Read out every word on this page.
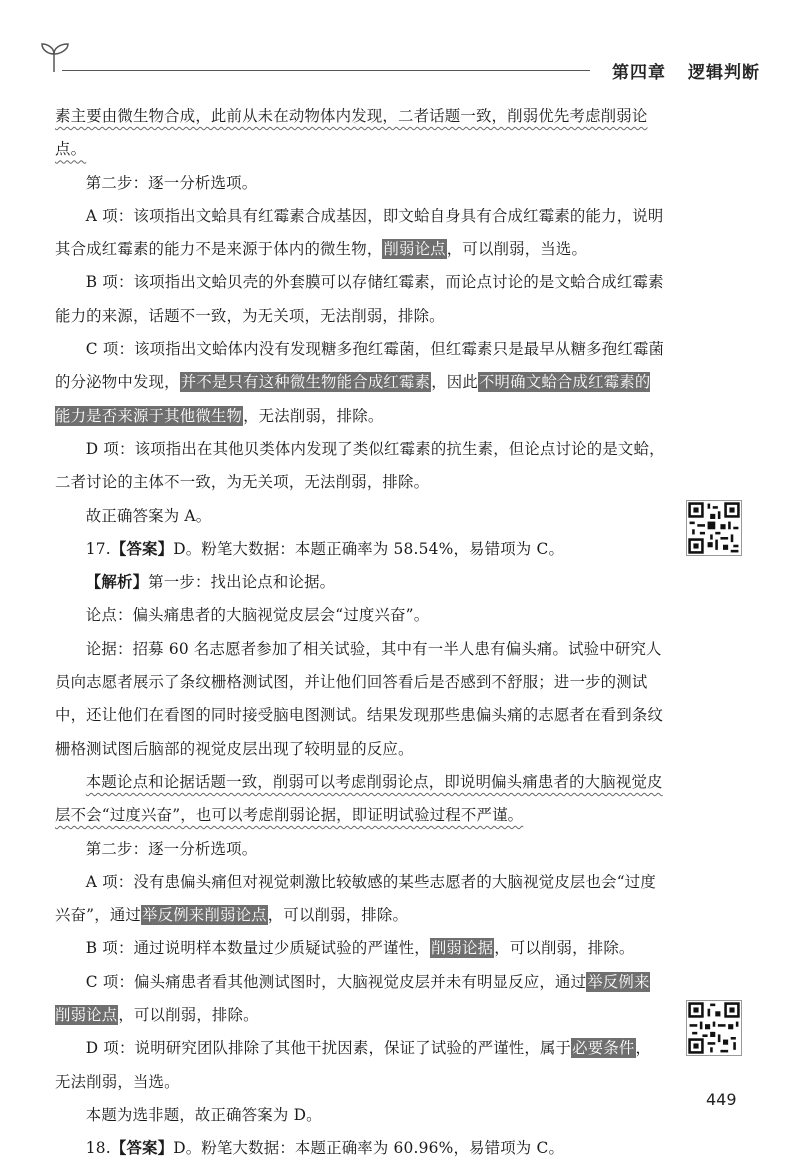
第四章 逻辑判断

素主要由微生物合成，此前从未在动物体内发现，二者话题一致，削弱优先考虑削弱论点。

第二步：逐一分析选项。

A 项：该项指出文蛤具有红霉素合成基因，即文蛤自身具有合成红霉素的能力，说明其合成红霉素的能力不是来源于体内的微生物，削弱论点，可以削弱，当选。

B 项：该项指出文蛤贝壳的外套膜可以存储红霉素，而论点讨论的是文蛤合成红霉素能力的来源，话题不一致，为无关项，无法削弱，排除。

C 项：该项指出文蛤体内没有发现糖多孢红霉菌，但红霉素只是最早从糖多孢红霉菌的分泌物中发现，并不是只有这种微生物能合成红霉素，因此不明确文蛤合成红霉素的能力是否来源于其他微生物，无法削弱，排除。

D 项：该项指出在其他贝类体内发现了类似红霉素的抗生素，但论点讨论的是文蛤，二者讨论的主体不一致，为无关项，无法削弱，排除。

故正确答案为 A。

17.【答案】D。粉笔大数据：本题正确率为 58.54%，易错项为 C。

【解析】第一步：找出论点和论据。

论点：偏头痛患者的大脑视觉皮层会“过度兴奋”。

论据：招募 60 名志愿者参加了相关试验，其中有一半人患有偏头痛。试验中研究人员向志愿者展示了条纹栅格测试图，并让他们回答看后是否感到不舒服；进一步的测试中，还让他们在看图的同时接受脑电图测试。结果发现那些患偏头痛的志愿者在看到条纹栅格测试图后脑部的视觉皮层出现了较明显的反应。

本题论点和论据话题一致，削弱可以考虑削弱论点，即说明偏头痛患者的大脑视觉皮层不会“过度兴奋”，也可以考虑削弱论据，即证明试验过程不严谨。

第二步：逐一分析选项。

A 项：没有患偏头痛但对视觉刺激比较敏感的某些志愿者的大脑视觉皮层也会“过度兴奋”，通过举反例来削弱论点，可以削弱，排除。

B 项：通过说明样本数量过少质疑试验的严谨性，削弱论据，可以削弱，排除。

C 项：偏头痛患者看其他测试图时，大脑视觉皮层并未有明显反应，通过举反例来削弱论点，可以削弱，排除。

D 项：说明研究团队排除了其他干扰因素，保证了试验的严谨性，属于必要条件，无法削弱，当选。

本题为选非题，故正确答案为 D。

18.【答案】D。粉笔大数据：本题正确率为 60.96%，易错项为 C。

449
